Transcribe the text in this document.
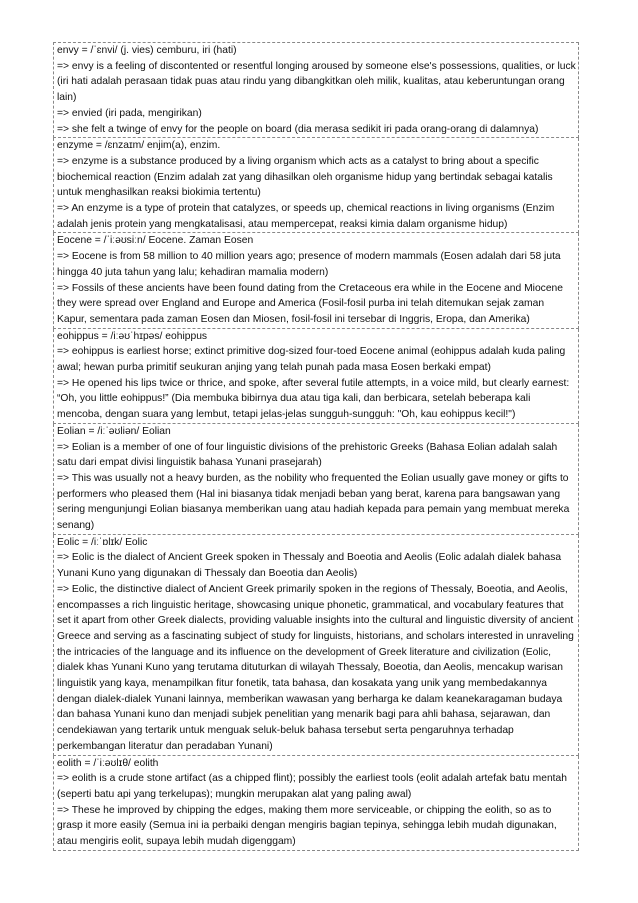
envy = /ˈɛnvi/ (j. vies) cemburu, iri (hati)

=> envy is a feeling of discontented or resentful longing aroused by someone else's possessions, qualities, or luck (iri hati adalah perasaan tidak puas atau rindu yang dibangkitkan oleh milik, kualitas, atau keberuntungan orang lain)

=> envied (iri pada, mengirikan)

=> she felt a twinge of envy for the people on board (dia merasa sedikit iri pada orang-orang di dalamnya)

enzyme = /ɛnzaɪm/ enjim(a), enzim.

=> enzyme is a substance produced by a living organism which acts as a catalyst to bring about a specific biochemical reaction (Enzim adalah zat yang dihasilkan oleh organisme hidup yang bertindak sebagai katalis untuk menghasilkan reaksi biokimia tertentu)

=> An enzyme is a type of protein that catalyzes, or speeds up, chemical reactions in living organisms (Enzim adalah jenis protein yang mengkatalisasi, atau mempercepat, reaksi kimia dalam organisme hidup)

Eocene = /ˈiːəʊsiːn/ Eocene. Zaman Eosen

=> Eocene is from 58 million to 40 million years ago; presence of modern mammals (Eosen adalah dari 58 juta hingga 40 juta tahun yang lalu; kehadiran mamalia modern)

=> Fossils of these ancients have been found dating from the Cretaceous era while in the Eocene and Miocene they were spread over England and Europe and America (Fosil-fosil purba ini telah ditemukan sejak zaman Kapur, sementara pada zaman Eosen dan Miosen, fosil-fosil ini tersebar di Inggris, Eropa, dan Amerika)

eohippus = /iːəʊˈhɪpəs/ eohippus

=> eohippus is earliest horse; extinct primitive dog-sized four-toed Eocene animal (eohippus adalah kuda paling awal; hewan purba primitif seukuran anjing yang telah punah pada masa Eosen berkaki empat)

=> He opened his lips twice or thrice, and spoke, after several futile attempts, in a voice mild, but clearly earnest: “Oh, you little eohippus!” (Dia membuka bibirnya dua atau tiga kali, dan berbicara, setelah beberapa kali mencoba, dengan suara yang lembut, tetapi jelas-jelas sungguh-sungguh: "Oh, kau eohippus kecil!")

Eolian = /iːˈəʊliən/ Eolian

=> Eolian is a member of one of four linguistic divisions of the prehistoric Greeks (Bahasa Eolian adalah salah satu dari empat divisi linguistik bahasa Yunani prasejarah)

=> This was usually not a heavy burden, as the nobility who frequented the Eolian usually gave money or gifts to performers who pleased them (Hal ini biasanya tidak menjadi beban yang berat, karena para bangsawan yang sering mengunjungi Eolian biasanya memberikan uang atau hadiah kepada para pemain yang membuat mereka senang)

Eolic = /iːˈɒlɪk/ Eolic

=> Eolic is the dialect of Ancient Greek spoken in Thessaly and Boeotia and Aeolis (Eolic adalah dialek bahasa Yunani Kuno yang digunakan di Thessaly dan Boeotia dan Aeolis)

=> Eolic, the distinctive dialect of Ancient Greek primarily spoken in the regions of Thessaly, Boeotia, and Aeolis, encompasses a rich linguistic heritage, showcasing unique phonetic, grammatical, and vocabulary features that set it apart from other Greek dialects, providing valuable insights into the cultural and linguistic diversity of ancient Greece and serving as a fascinating subject of study for linguists, historians, and scholars interested in unraveling the intricacies of the language and its influence on the development of Greek literature and civilization (Eolic, dialek khas Yunani Kuno yang terutama dituturkan di wilayah Thessaly, Boeotia, dan Aeolis, mencakup warisan linguistik yang kaya, menampilkan fitur fonetik, tata bahasa, dan kosakata yang unik yang membedakannya dengan dialek-dialek Yunani lainnya, memberikan wawasan yang berharga ke dalam keanekaragaman budaya dan bahasa Yunani kuno dan menjadi subjek penelitian yang menarik bagi para ahli bahasa, sejarawan, dan cendekiawan yang tertarik untuk menguak seluk-beluk bahasa tersebut serta pengaruhnya terhadap perkembangan literatur dan peradaban Yunani)

eolith = /ˈiːəʊlɪθ/ eolith

=> eolith is a crude stone artifact (as a chipped flint); possibly the earliest tools (eolit adalah artefak batu mentah (seperti batu api yang terkelupas); mungkin merupakan alat yang paling awal)

=> These he improved by chipping the edges, making them more serviceable, or chipping the eolith, so as to grasp it more easily (Semua ini ia perbaiki dengan mengiris bagian tepinya, sehingga lebih mudah digunakan, atau mengiris eolit, supaya lebih mudah digenggam)
